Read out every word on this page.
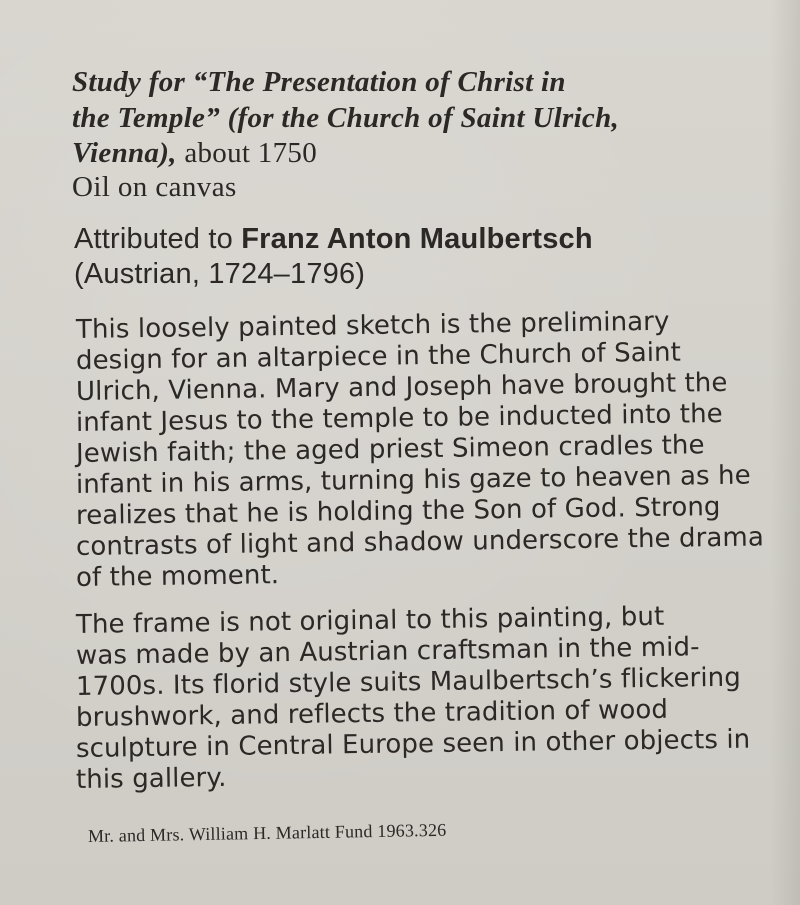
Study for “The Presentation of Christ in
the Temple” (for the Church of Saint Ulrich,
Vienna), about 1750
Oil on canvas
Attributed to Franz Anton Maulbertsch
(Austrian, 1724–1796)
This loosely painted sketch is the preliminary
design for an altarpiece in the Church of Saint
Ulrich, Vienna. Mary and Joseph have brought the
infant Jesus to the temple to be inducted into the
Jewish faith; the aged priest Simeon cradles the
infant in his arms, turning his gaze to heaven as he
realizes that he is holding the Son of God. Strong
contrasts of light and shadow underscore the drama
of the moment.
The frame is not original to this painting, but
was made by an Austrian craftsman in the mid-
1700s. Its florid style suits Maulbertsch’s flickering
brushwork, and reflects the tradition of wood
sculpture in Central Europe seen in other objects in
this gallery.
Mr. and Mrs. William H. Marlatt Fund 1963.326
